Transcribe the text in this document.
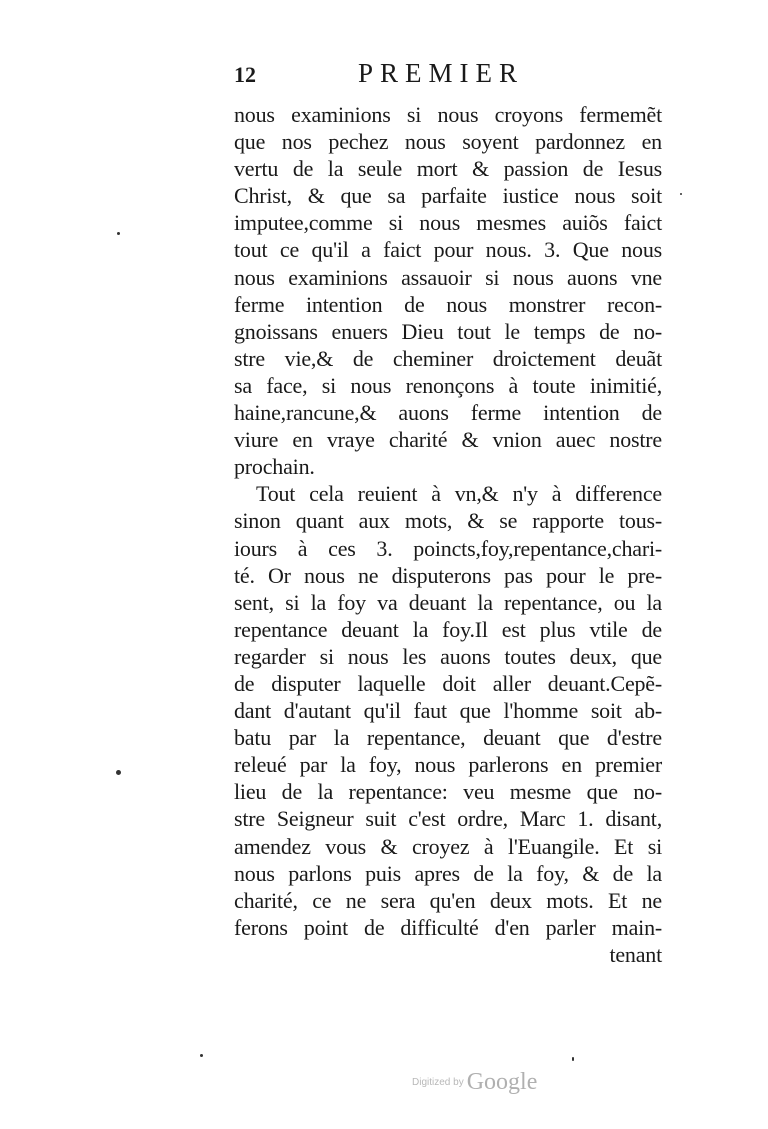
12	PREMIER
nous examinions si nous croyons fermemẽt
que nos pechez nous soyent pardonnez en
vertu de la seule mort & passion de Iesus
Christ, & que sa parfaite iustice nous soit
imputee,comme si nous mesmes auiõs faict
tout ce qu'il a faict pour nous. 3. Que nous
nous examinions assauoir si nous auons vne
ferme intention de nous monstrer recon-
gnoissans enuers Dieu tout le temps de no-
stre vie,& de cheminer droictement deuãt
sa face, si nous renonçons à toute inimitié,
haine,rancune,& auons ferme intention de
viure en vraye charité & vnion auec nostre
prochain.
Tout cela reuient à vn,& n'y à difference
sinon quant aux mots, & se rapporte tous-
iours à ces 3. poincts,foy,repentance,chari-
té. Or nous ne disputerons pas pour le pre-
sent, si la foy va deuant la repentance, ou la
repentance deuant la foy.Il est plus vtile de
regarder si nous les auons toutes deux, que
de disputer laquelle doit aller deuant.Cepẽ-
dant d'autant qu'il faut que l'homme soit ab-
batu par la repentance, deuant que d'estre
releué par la foy, nous parlerons en premier
lieu de la repentance: veu mesme que no-
stre Seigneur suit c'est ordre, Marc 1. disant,
amendez vous & croyez à l'Euangile. Et si
nous parlons puis apres de la foy, & de la
charité, ce ne sera qu'en deux mots. Et ne
ferons point de difficulté d'en parler main-
tenant
Digitized by Google
